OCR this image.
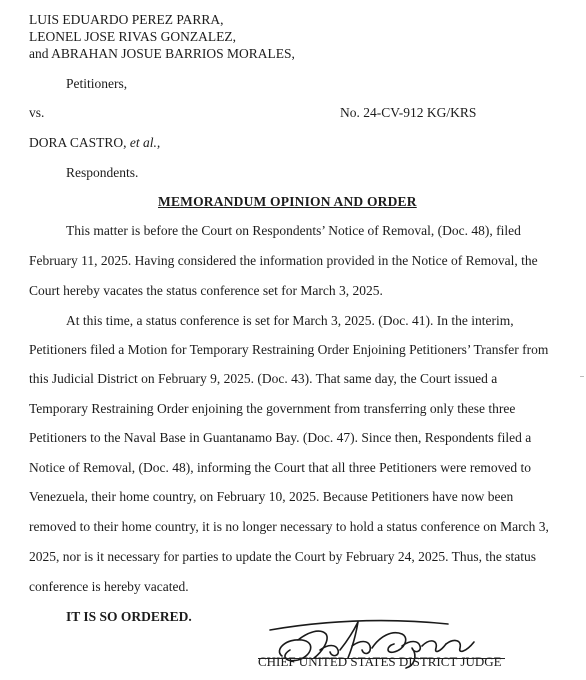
LUIS EDUARDO PEREZ PARRA,
LEONEL JOSE RIVAS GONZALEZ,
and ABRAHAN JOSUE BARRIOS MORALES,
Petitioners,
vs.	No. 24-CV-912 KG/KRS
DORA CASTRO, et al.,
Respondents.
MEMORANDUM OPINION AND ORDER
This matter is before the Court on Respondents’ Notice of Removal, (Doc. 48), filed
February 11, 2025. Having considered the information provided in the Notice of Removal, the
Court hereby vacates the status conference set for March 3, 2025.
At this time, a status conference is set for March 3, 2025. (Doc. 41). In the interim,
Petitioners filed a Motion for Temporary Restraining Order Enjoining Petitioners’ Transfer from
this Judicial District on February 9, 2025. (Doc. 43). That same day, the Court issued a
Temporary Restraining Order enjoining the government from transferring only these three
Petitioners to the Naval Base in Guantanamo Bay. (Doc. 47). Since then, Respondents filed a
Notice of Removal, (Doc. 48), informing the Court that all three Petitioners were removed to
Venezuela, their home country, on February 10, 2025. Because Petitioners have now been
removed to their home country, it is no longer necessary to hold a status conference on March 3,
2025, nor is it necessary for parties to update the Court by February 24, 2025. Thus, the status
conference is hereby vacated.
IT IS SO ORDERED.
CHIEF UNITED STATES DISTRICT JUDGE
